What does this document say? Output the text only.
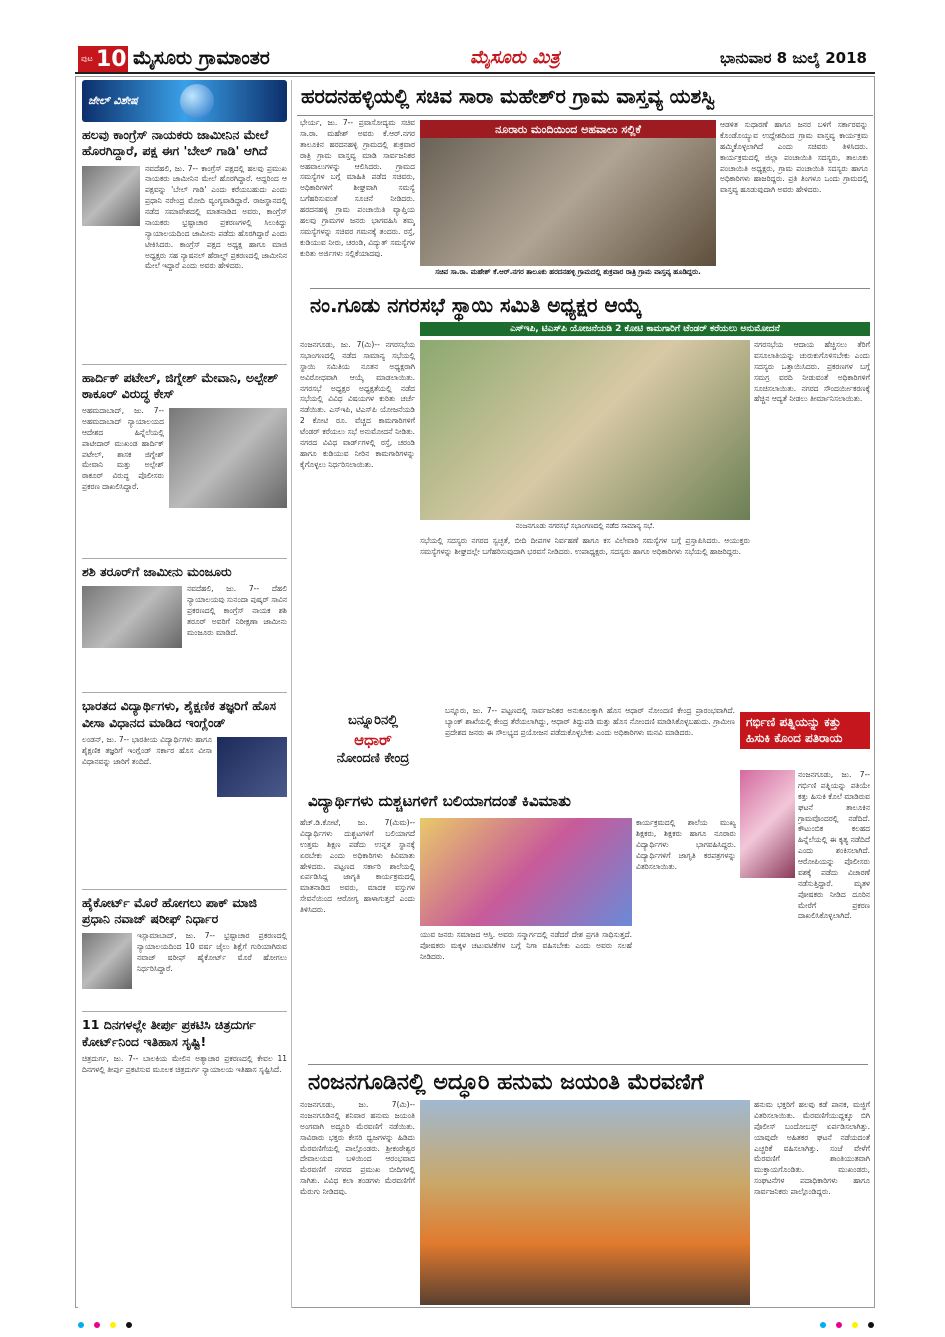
ಪುಟ 10 ಮೈಸೂರು ಗ್ರಾಮಾಂತರ	ಮೈಸೂರು ಮಿತ್ರ	ಭಾನುವಾರ 8 ಜುಲೈ 2018
ಜೇಲ್ ವಿಶೇಷ
ಹಲವು ಕಾಂಗ್ರೆಸ್ ನಾಯಕರು ಜಾಮೀನಿನ ಮೇಲೆ ಹೊರಗಿದ್ದಾರೆ, ಪಕ್ಷ ಈಗ 'ಬೇಲ್ ಗಾಡಿ' ಆಗಿದೆ
ನವದೆಹಲಿ, ಜು. 7-- ಕಾಂಗ್ರೆಸ್ ಪಕ್ಷದಲ್ಲಿ ಹಲವು ಪ್ರಮುಖ ನಾಯಕರು ಜಾಮೀನಿನ ಮೇಲೆ ಹೊರಗಿದ್ದಾರೆ. ಆದ್ದರಿಂದ ಆ ಪಕ್ಷವನ್ನು 'ಬೇಲ್ ಗಾಡಿ' ಎಂದು ಕರೆಯಬಹುದು ಎಂದು ಪ್ರಧಾನಿ ನರೇಂದ್ರ ಮೋದಿ ವ್ಯಂಗ್ಯವಾಡಿದ್ದಾರೆ. ರಾಜಸ್ಥಾನದಲ್ಲಿ ನಡೆದ ಸಮಾವೇಶದಲ್ಲಿ ಮಾತನಾಡಿದ ಅವರು, ಕಾಂಗ್ರೆಸ್ ನಾಯಕರು ಭ್ರಷ್ಟಾಚಾರ ಪ್ರಕರಣಗಳಲ್ಲಿ ಸಿಲುಕಿದ್ದು ನ್ಯಾಯಾಲಯದಿಂದ ಜಾಮೀನು ಪಡೆದು ಹೊರಗಿದ್ದಾರೆ ಎಂದು ಟೀಕಿಸಿದರು. ಕಾಂಗ್ರೆಸ್ ಪಕ್ಷದ ಅಧ್ಯಕ್ಷ ಹಾಗೂ ಮಾಜಿ ಅಧ್ಯಕ್ಷರು ಸಹ ನ್ಯಾಷನಲ್ ಹೆರಾಲ್ಡ್ ಪ್ರಕರಣದಲ್ಲಿ ಜಾಮೀನಿನ ಮೇಲೆ ಇದ್ದಾರೆ ಎಂದು ಅವರು ಹೇಳಿದರು.
ಹಾರ್ದಿಕ್ ಪಟೇಲ್, ಜಿಗ್ನೇಶ್ ಮೇವಾನಿ, ಅಲ್ಪೇಶ್ ಠಾಕೂರ್ ವಿರುದ್ಧ ಕೇಸ್
ಅಹಮದಾಬಾದ್, ಜು. 7-- ಅಹಮದಾಬಾದ್ ನ್ಯಾಯಾಲಯದ ಆದೇಶದ ಹಿನ್ನೆಲೆಯಲ್ಲಿ ಪಾಟೀದಾರ್ ಮುಖಂಡ ಹಾರ್ದಿಕ್ ಪಟೇಲ್, ಶಾಸಕ ಜಿಗ್ನೇಶ್ ಮೇವಾನಿ ಮತ್ತು ಅಲ್ಪೇಶ್ ಠಾಕೂರ್ ವಿರುದ್ಧ ಪೊಲೀಸರು ಪ್ರಕರಣ ದಾಖಲಿಸಿದ್ದಾರೆ.
ಶಶಿ ತರೂರ್‌ಗೆ ಜಾಮೀನು ಮಂಜೂರು
ನವದೆಹಲಿ, ಜು. 7-- ದೆಹಲಿ ನ್ಯಾಯಾಲಯವು ಸುನಂದಾ ಪುಷ್ಕರ್ ಸಾವಿನ ಪ್ರಕರಣದಲ್ಲಿ ಕಾಂಗ್ರೆಸ್ ನಾಯಕ ಶಶಿ ತರೂರ್ ಅವರಿಗೆ ನಿರೀಕ್ಷಣಾ ಜಾಮೀನು ಮಂಜೂರು ಮಾಡಿದೆ.
ಭಾರತದ ವಿದ್ಯಾರ್ಥಿಗಳು, ಶೈಕ್ಷಣಿಕ ತಜ್ಞರಿಗೆ ಹೊಸ ವೀಸಾ ವಿಧಾನದ ಮಾಡಿದ ಇಂಗ್ಲೆಂಡ್
ಲಂಡನ್, ಜು. 7-- ಭಾರತೀಯ ವಿದ್ಯಾರ್ಥಿಗಳು ಹಾಗೂ ಶೈಕ್ಷಣಿಕ ತಜ್ಞರಿಗೆ ಇಂಗ್ಲೆಂಡ್ ಸರ್ಕಾರ ಹೊಸ ವೀಸಾ ವಿಧಾನವನ್ನು ಜಾರಿಗೆ ತಂದಿದೆ.
ಹೈಕೋರ್ಟ್ ಮೊರೆ ಹೋಗಲು ಪಾಕ್ ಮಾಜಿ ಪ್ರಧಾನಿ ನವಾಜ್ ಷರೀಫ್ ನಿರ್ಧಾರ
ಇಸ್ಲಾಮಾಬಾದ್, ಜು. 7-- ಭ್ರಷ್ಟಾಚಾರ ಪ್ರಕರಣದಲ್ಲಿ ನ್ಯಾಯಾಲಯದಿಂದ 10 ವರ್ಷ ಜೈಲು ಶಿಕ್ಷೆಗೆ ಗುರಿಯಾಗಿರುವ ನವಾಜ್ ಷರೀಫ್ ಹೈಕೋರ್ಟ್ ಮೊರೆ ಹೋಗಲು ನಿರ್ಧರಿಸಿದ್ದಾರೆ.
11 ದಿನಗಳಲ್ಲೇ ತೀರ್ಪು ಪ್ರಕಟಿಸಿ ಚಿತ್ರದುರ್ಗ ಕೋರ್ಟ್‌ನಿಂದ ಇತಿಹಾಸ ಸೃಷ್ಟಿ!
ಚಿತ್ರದುರ್ಗ, ಜು. 7-- ಬಾಲಕಿಯ ಮೇಲಿನ ಅತ್ಯಾಚಾರ ಪ್ರಕರಣದಲ್ಲಿ ಕೇವಲ 11 ದಿನಗಳಲ್ಲಿ ತೀರ್ಪು ಪ್ರಕಟಿಸುವ ಮೂಲಕ ಚಿತ್ರದುರ್ಗ ನ್ಯಾಯಾಲಯ ಇತಿಹಾಸ ಸೃಷ್ಟಿಸಿದೆ.
ಹರದನಹಳ್ಳಿಯಲ್ಲಿ ಸಚಿವ ಸಾರಾ ಮಹೇಶ್‌ರ ಗ್ರಾಮ ವಾಸ್ತವ್ಯ ಯಶಸ್ವಿ
ಭೇರ್ಯ, ಜು. 7-- ಪ್ರವಾಸೋದ್ಯಮ ಸಚಿವ ಸಾ.ರಾ. ಮಹೇಶ್ ಅವರು ಕೆ.ಆರ್.ನಗರ ತಾಲೂಕಿನ ಹರದನಹಳ್ಳಿ ಗ್ರಾಮದಲ್ಲಿ ಶುಕ್ರವಾರ ರಾತ್ರಿ ಗ್ರಾಮ ವಾಸ್ತವ್ಯ ಮಾಡಿ ಸಾರ್ವಜನಿಕರ ಅಹವಾಲುಗಳನ್ನು ಆಲಿಸಿದರು. ಗ್ರಾಮದ ಸಮಸ್ಯೆಗಳ ಬಗ್ಗೆ ಮಾಹಿತಿ ಪಡೆದ ಸಚಿವರು, ಅಧಿಕಾರಿಗಳಿಗೆ ಶೀಘ್ರವಾಗಿ ಸಮಸ್ಯೆ ಬಗೆಹರಿಸುವಂತೆ ಸೂಚನೆ ನೀಡಿದರು. ಹರದನಹಳ್ಳಿ ಗ್ರಾಮ ಪಂಚಾಯಿತಿ ವ್ಯಾಪ್ತಿಯ ಹಲವು ಗ್ರಾಮಗಳ ಜನರು ಭಾಗವಹಿಸಿ ತಮ್ಮ ಸಮಸ್ಯೆಗಳನ್ನು ಸಚಿವರ ಗಮನಕ್ಕೆ ತಂದರು. ರಸ್ತೆ, ಕುಡಿಯುವ ನೀರು, ಚರಂಡಿ, ವಿದ್ಯುತ್ ಸಮಸ್ಯೆಗಳ ಕುರಿತು ಅರ್ಜಿಗಳು ಸಲ್ಲಿಕೆಯಾದವು.
ನೂರಾರು ಮಂದಿಯಿಂದ ಅಹವಾಲು ಸಲ್ಲಿಕೆ
ಸಚಿವ ಸಾ.ರಾ. ಮಹೇಶ್ ಕೆ.ಆರ್.ನಗರ ತಾಲೂಕು ಹರದನಹಳ್ಳಿ ಗ್ರಾಮದಲ್ಲಿ ಶುಕ್ರವಾರ ರಾತ್ರಿ ಗ್ರಾಮ ವಾಸ್ತವ್ಯ ಹೂಡಿದ್ದರು.
ಆಡಳಿತ ಸುಧಾರಣೆ ಹಾಗೂ ಜನರ ಬಳಿಗೆ ಸರ್ಕಾರವನ್ನು ಕೊಂಡೊಯ್ಯುವ ಉದ್ದೇಶದಿಂದ ಗ್ರಾಮ ವಾಸ್ತವ್ಯ ಕಾರ್ಯಕ್ರಮ ಹಮ್ಮಿಕೊಳ್ಳಲಾಗಿದೆ ಎಂದು ಸಚಿವರು ತಿಳಿಸಿದರು. ಕಾರ್ಯಕ್ರಮದಲ್ಲಿ ಜಿಲ್ಲಾ ಪಂಚಾಯಿತಿ ಸದಸ್ಯರು, ತಾಲೂಕು ಪಂಚಾಯಿತಿ ಅಧ್ಯಕ್ಷರು, ಗ್ರಾಮ ಪಂಚಾಯಿತಿ ಸದಸ್ಯರು ಹಾಗೂ ಅಧಿಕಾರಿಗಳು ಹಾಜರಿದ್ದರು. ಪ್ರತಿ ತಿಂಗಳೂ ಒಂದು ಗ್ರಾಮದಲ್ಲಿ ವಾಸ್ತವ್ಯ ಹೂಡುವುದಾಗಿ ಅವರು ಹೇಳಿದರು.
ನಂ.ಗೂಡು ನಗರಸಭೆ ಸ್ಥಾಯಿ ಸಮಿತಿ ಅಧ್ಯಕ್ಷರ ಆಯ್ಕೆ
ಎಸ್‌ಇಪಿ, ಟಿಎಸ್‌ಪಿ ಯೋಜನೆಯಡಿ 2 ಕೋಟಿ ಕಾಮಗಾರಿಗೆ ಟೆಂಡರ್ ಕರೆಯಲು ಅನುಮೋದನೆ
ನಂಜನಗೂಡು, ಜು. 7(ಮಿ)-- ನಗರಸಭೆಯ ಸಭಾಂಗಣದಲ್ಲಿ ನಡೆದ ಸಾಮಾನ್ಯ ಸಭೆಯಲ್ಲಿ ಸ್ಥಾಯಿ ಸಮಿತಿಯ ನೂತನ ಅಧ್ಯಕ್ಷರಾಗಿ ಅವಿರೋಧವಾಗಿ ಆಯ್ಕೆ ಮಾಡಲಾಯಿತು. ನಗರಸಭೆ ಅಧ್ಯಕ್ಷರ ಅಧ್ಯಕ್ಷತೆಯಲ್ಲಿ ನಡೆದ ಸಭೆಯಲ್ಲಿ ವಿವಿಧ ವಿಷಯಗಳ ಕುರಿತು ಚರ್ಚೆ ನಡೆಯಿತು. ಎಸ್‌ಇಪಿ, ಟಿಎಸ್‌ಪಿ ಯೋಜನೆಯಡಿ 2 ಕೋಟಿ ರೂ. ವೆಚ್ಚದ ಕಾಮಗಾರಿಗಳಿಗೆ ಟೆಂಡರ್ ಕರೆಯಲು ಸಭೆ ಅನುಮೋದನೆ ನೀಡಿತು. ನಗರದ ವಿವಿಧ ವಾರ್ಡ್‌ಗಳಲ್ಲಿ ರಸ್ತೆ, ಚರಂಡಿ ಹಾಗೂ ಕುಡಿಯುವ ನೀರಿನ ಕಾಮಗಾರಿಗಳನ್ನು ಕೈಗೊಳ್ಳಲು ನಿರ್ಧರಿಸಲಾಯಿತು.
ನಂಜನಗೂಡು ನಗರಸಭೆ ಸಭಾಂಗಣದಲ್ಲಿ ನಡೆದ ಸಾಮಾನ್ಯ ಸಭೆ.
ನಗರಸಭೆಯ ಆದಾಯ ಹೆಚ್ಚಿಸಲು ತೆರಿಗೆ ವಸೂಲಾತಿಯನ್ನು ಚುರುಕುಗೊಳಿಸಬೇಕು ಎಂದು ಸದಸ್ಯರು ಒತ್ತಾಯಿಸಿದರು. ಪ್ರಕರಣಗಳ ಬಗ್ಗೆ ಸಮಗ್ರ ವರದಿ ನೀಡುವಂತೆ ಅಧಿಕಾರಿಗಳಿಗೆ ಸೂಚಿಸಲಾಯಿತು. ನಗರದ ಸೌಂದರ್ಯೀಕರಣಕ್ಕೆ ಹೆಚ್ಚಿನ ಆದ್ಯತೆ ನೀಡಲು ತೀರ್ಮಾನಿಸಲಾಯಿತು.
ಸಭೆಯಲ್ಲಿ ಸದಸ್ಯರು ನಗರದ ಸ್ವಚ್ಛತೆ, ಬೀದಿ ದೀಪಗಳ ನಿರ್ವಹಣೆ ಹಾಗೂ ಕಸ ವಿಲೇವಾರಿ ಸಮಸ್ಯೆಗಳ ಬಗ್ಗೆ ಪ್ರಸ್ತಾಪಿಸಿದರು. ಆಯುಕ್ತರು ಸಮಸ್ಯೆಗಳನ್ನು ಶೀಘ್ರದಲ್ಲೇ ಬಗೆಹರಿಸುವುದಾಗಿ ಭರವಸೆ ನೀಡಿದರು. ಉಪಾಧ್ಯಕ್ಷರು, ಸದಸ್ಯರು ಹಾಗೂ ಅಧಿಕಾರಿಗಳು ಸಭೆಯಲ್ಲಿ ಹಾಜರಿದ್ದರು.
ಬನ್ನೂರಿನಲ್ಲಿ
ಆಧಾರ್
ನೋಂದಣಿ ಕೇಂದ್ರ
ಬನ್ನೂರು, ಜು. 7-- ಪಟ್ಟಣದಲ್ಲಿ ಸಾರ್ವಜನಿಕರ ಅನುಕೂಲಕ್ಕಾಗಿ ಹೊಸ ಆಧಾರ್ ನೋಂದಣಿ ಕೇಂದ್ರ ಪ್ರಾರಂಭವಾಗಿದೆ. ಬ್ಯಾಂಕ್ ಶಾಖೆಯಲ್ಲಿ ಕೇಂದ್ರ ತೆರೆಯಲಾಗಿದ್ದು, ಆಧಾರ್ ತಿದ್ದುಪಡಿ ಮತ್ತು ಹೊಸ ನೋಂದಣಿ ಮಾಡಿಸಿಕೊಳ್ಳಬಹುದು. ಗ್ರಾಮೀಣ ಪ್ರದೇಶದ ಜನರು ಈ ಸೌಲಭ್ಯದ ಪ್ರಯೋಜನ ಪಡೆದುಕೊಳ್ಳಬೇಕು ಎಂದು ಅಧಿಕಾರಿಗಳು ಮನವಿ ಮಾಡಿದರು.
ವಿದ್ಯಾರ್ಥಿಗಳು ದುಶ್ಚಟಗಳಿಗೆ ಬಲಿಯಾಗದಂತೆ ಕಿವಿಮಾತು
ಹೆಚ್.ಡಿ.ಕೋಟೆ, ಜು. 7(ಮಿಮ)-- ವಿದ್ಯಾರ್ಥಿಗಳು ದುಶ್ಚಟಗಳಿಗೆ ಬಲಿಯಾಗದೆ ಉತ್ತಮ ಶಿಕ್ಷಣ ಪಡೆದು ಉನ್ನತ ಸ್ಥಾನಕ್ಕೆ ಏರಬೇಕು ಎಂದು ಅಧಿಕಾರಿಗಳು ಕಿವಿಮಾತು ಹೇಳಿದರು. ಪಟ್ಟಣದ ಸರ್ಕಾರಿ ಶಾಲೆಯಲ್ಲಿ ಏರ್ಪಡಿಸಿದ್ದ ಜಾಗೃತಿ ಕಾರ್ಯಕ್ರಮದಲ್ಲಿ ಮಾತನಾಡಿದ ಅವರು, ಮಾದಕ ವಸ್ತುಗಳ ಸೇವನೆಯಿಂದ ಆರೋಗ್ಯ ಹಾಳಾಗುತ್ತದೆ ಎಂದು ತಿಳಿಸಿದರು.
ಯುವ ಜನರು ಸಮಾಜದ ಆಸ್ತಿ. ಅವರು ಸನ್ಮಾರ್ಗದಲ್ಲಿ ನಡೆದರೆ ದೇಶ ಪ್ರಗತಿ ಸಾಧಿಸುತ್ತದೆ. ಪೋಷಕರು ಮಕ್ಕಳ ಚಟುವಟಿಕೆಗಳ ಬಗ್ಗೆ ನಿಗಾ ವಹಿಸಬೇಕು ಎಂದು ಅವರು ಸಲಹೆ ನೀಡಿದರು.
ಕಾರ್ಯಕ್ರಮದಲ್ಲಿ ಶಾಲೆಯ ಮುಖ್ಯ ಶಿಕ್ಷಕರು, ಶಿಕ್ಷಕರು ಹಾಗೂ ನೂರಾರು ವಿದ್ಯಾರ್ಥಿಗಳು ಭಾಗವಹಿಸಿದ್ದರು. ವಿದ್ಯಾರ್ಥಿಗಳಿಗೆ ಜಾಗೃತಿ ಕರಪತ್ರಗಳನ್ನು ವಿತರಿಸಲಾಯಿತು.
ಗರ್ಭಿಣಿ ಪತ್ನಿಯನ್ನು ಕತ್ತು ಹಿಸುಕಿ ಕೊಂದ ಪತಿರಾಯ
ನಂಜನಗೂಡು, ಜು. 7-- ಗರ್ಭಿಣಿ ಪತ್ನಿಯನ್ನು ಪತಿಯೇ ಕತ್ತು ಹಿಸುಕಿ ಕೊಲೆ ಮಾಡಿರುವ ಘಟನೆ ತಾಲೂಕಿನ ಗ್ರಾಮವೊಂದರಲ್ಲಿ ನಡೆದಿದೆ. ಕೌಟುಂಬಿಕ ಕಲಹದ ಹಿನ್ನೆಲೆಯಲ್ಲಿ ಈ ಕೃತ್ಯ ನಡೆದಿದೆ ಎಂದು ಶಂಕಿಸಲಾಗಿದೆ. ಆರೋಪಿಯನ್ನು ಪೊಲೀಸರು ವಶಕ್ಕೆ ಪಡೆದು ವಿಚಾರಣೆ ನಡೆಸುತ್ತಿದ್ದಾರೆ. ಮೃತಳ ಪೋಷಕರು ನೀಡಿದ ದೂರಿನ ಮೇರೆಗೆ ಪ್ರಕರಣ ದಾಖಲಿಸಿಕೊಳ್ಳಲಾಗಿದೆ.
ನಂಜನಗೂಡಿನಲ್ಲಿ ಅದ್ಧೂರಿ ಹನುಮ ಜಯಂತಿ ಮೆರವಣಿಗೆ
ನಂಜನಗೂಡು, ಜು. 7(ಮಿ)-- ನಂಜನಗೂಡಿನಲ್ಲಿ ಶನಿವಾರ ಹನುಮ ಜಯಂತಿ ಅಂಗವಾಗಿ ಅದ್ಧೂರಿ ಮೆರವಣಿಗೆ ನಡೆಯಿತು. ಸಾವಿರಾರು ಭಕ್ತರು ಕೇಸರಿ ಧ್ವಜಗಳನ್ನು ಹಿಡಿದು ಮೆರವಣಿಗೆಯಲ್ಲಿ ಪಾಲ್ಗೊಂಡರು. ಶ್ರೀಕಂಠೇಶ್ವರ ದೇವಾಲಯದ ಬಳಿಯಿಂದ ಆರಂಭವಾದ ಮೆರವಣಿಗೆ ನಗರದ ಪ್ರಮುಖ ಬೀದಿಗಳಲ್ಲಿ ಸಾಗಿತು. ವಿವಿಧ ಕಲಾ ತಂಡಗಳು ಮೆರವಣಿಗೆಗೆ ಮೆರುಗು ನೀಡಿದವು.
ಹನುಮ ಭಕ್ತರಿಗೆ ಹಲವು ಕಡೆ ಪಾನಕ, ಮಜ್ಜಿಗೆ ವಿತರಿಸಲಾಯಿತು. ಮೆರವಣಿಗೆಯುದ್ದಕ್ಕೂ ಬಿಗಿ ಪೊಲೀಸ್ ಬಂದೋಬಸ್ತ್ ಏರ್ಪಡಿಸಲಾಗಿತ್ತು. ಯಾವುದೇ ಅಹಿತಕರ ಘಟನೆ ನಡೆಯದಂತೆ ಎಚ್ಚರಿಕೆ ವಹಿಸಲಾಗಿತ್ತು. ಸಂಜೆ ವೇಳೆಗೆ ಮೆರವಣಿಗೆ ಶಾಂತಿಯುತವಾಗಿ ಮುಕ್ತಾಯಗೊಂಡಿತು. ಮುಖಂಡರು, ಸಂಘಟನೆಗಳ ಪದಾಧಿಕಾರಿಗಳು ಹಾಗೂ ಸಾರ್ವಜನಿಕರು ಪಾಲ್ಗೊಂಡಿದ್ದರು.
